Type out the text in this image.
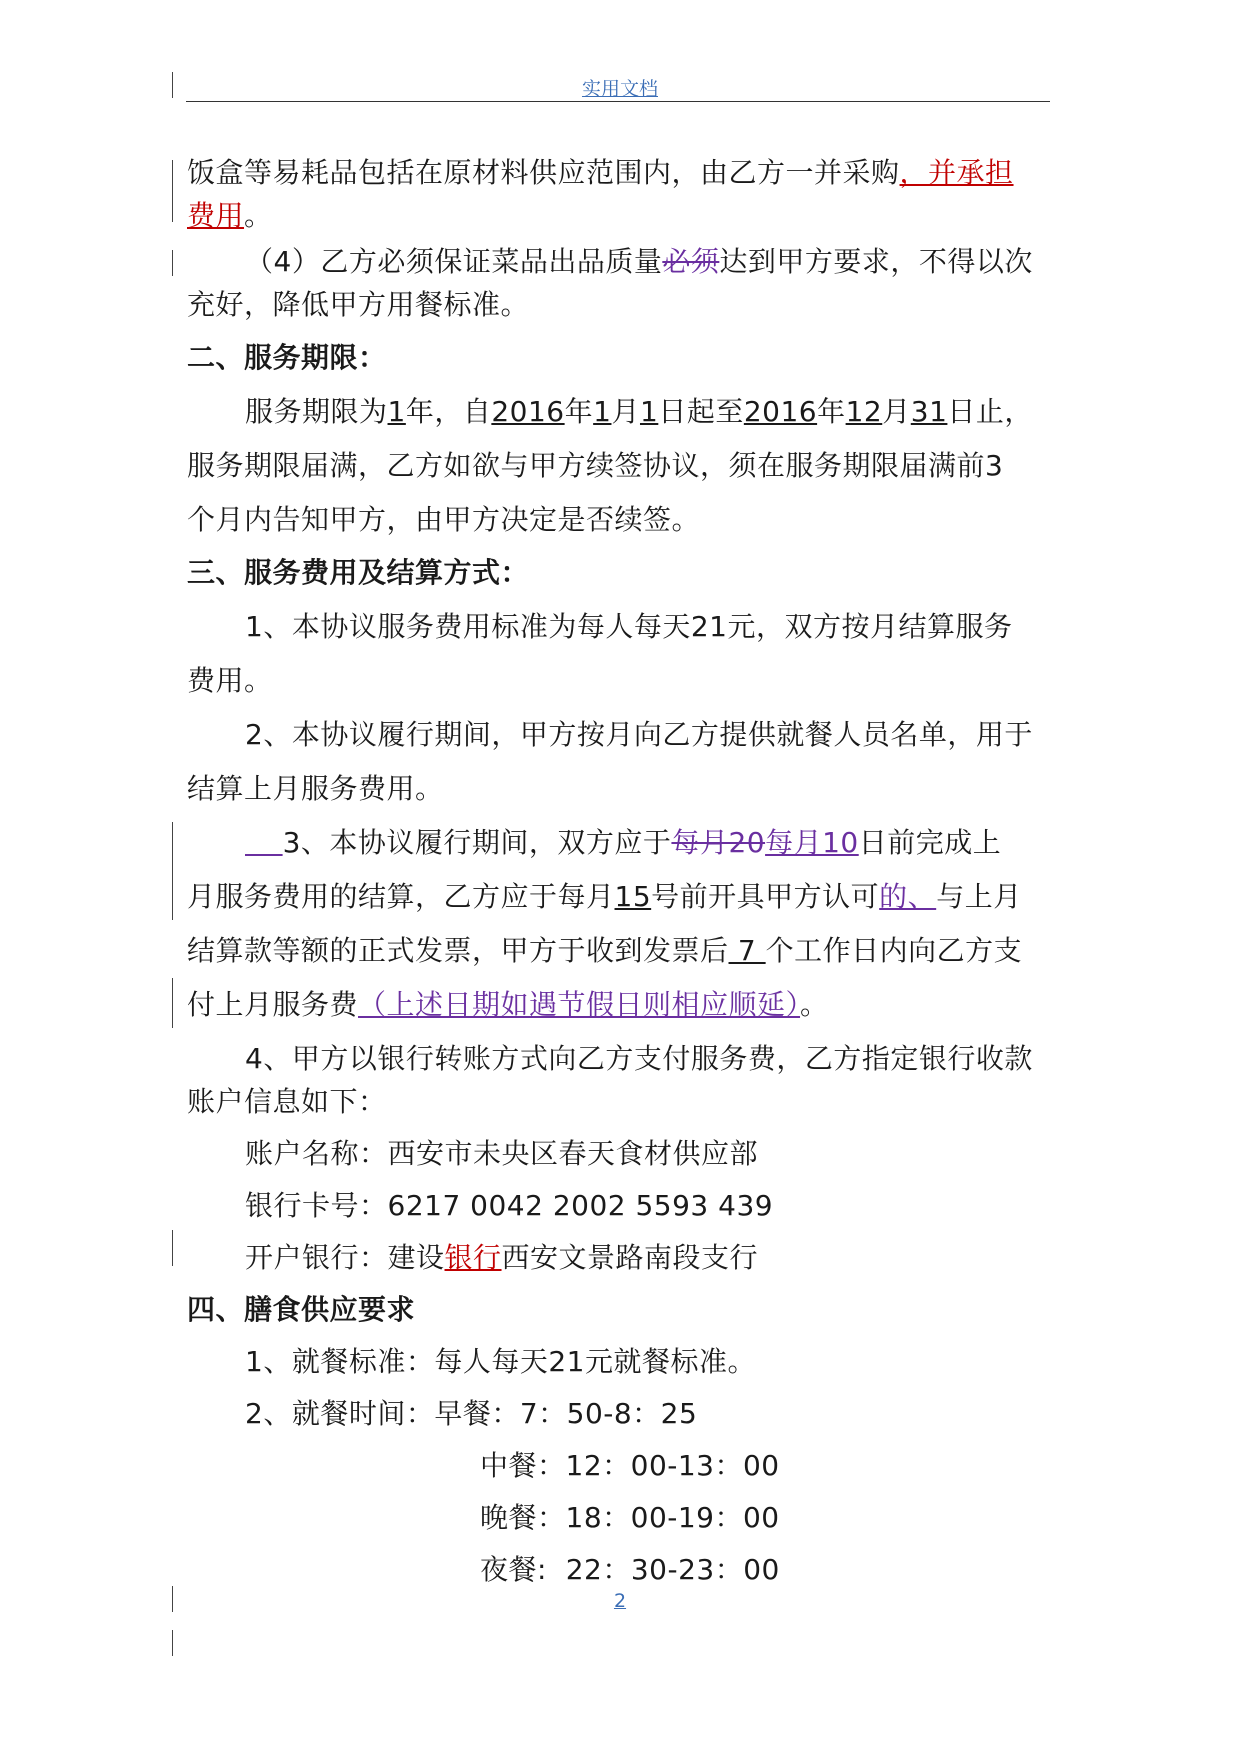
实用文档
饭盒等易耗品包括在原材料供应范围内，由乙方一并采购，并承担
费用。
（4）乙方必须保证菜品出品质量必须达到甲方要求，不得以次
充好，降低甲方用餐标准。
二、服务期限：
服务期限为1年，自2016年1月1日起至2016年12月31日止，
服务期限届满，乙方如欲与甲方续签协议，须在服务期限届满前3
个月内告知甲方，由甲方决定是否续签。
三、服务费用及结算方式：
1、本协议服务费用标准为每人每天21元，双方按月结算服务
费用。
2、本协议履行期间，甲方按月向乙方提供就餐人员名单，用于
结算上月服务费用。
3、本协议履行期间，双方应于每月20每月10日前完成上
月服务费用的结算，乙方应于每月15号前开具甲方认可的、与上月
结算款等额的正式发票，甲方于收到发票后 7 个工作日内向乙方支
付上月服务费（上述日期如遇节假日则相应顺延）。
4、甲方以银行转账方式向乙方支付服务费，乙方指定银行收款
账户信息如下：
账户名称：西安市未央区春天食材供应部
银行卡号：6217 0042 2002 5593 439
开户银行：建设银行西安文景路南段支行
四、膳食供应要求
1、就餐标准：每人每天21元就餐标准。
2、就餐时间：早餐：7：50-8：25
中餐：12：00-13：00
晚餐：18：00-19：00
夜餐:  22：30-23：00
2
